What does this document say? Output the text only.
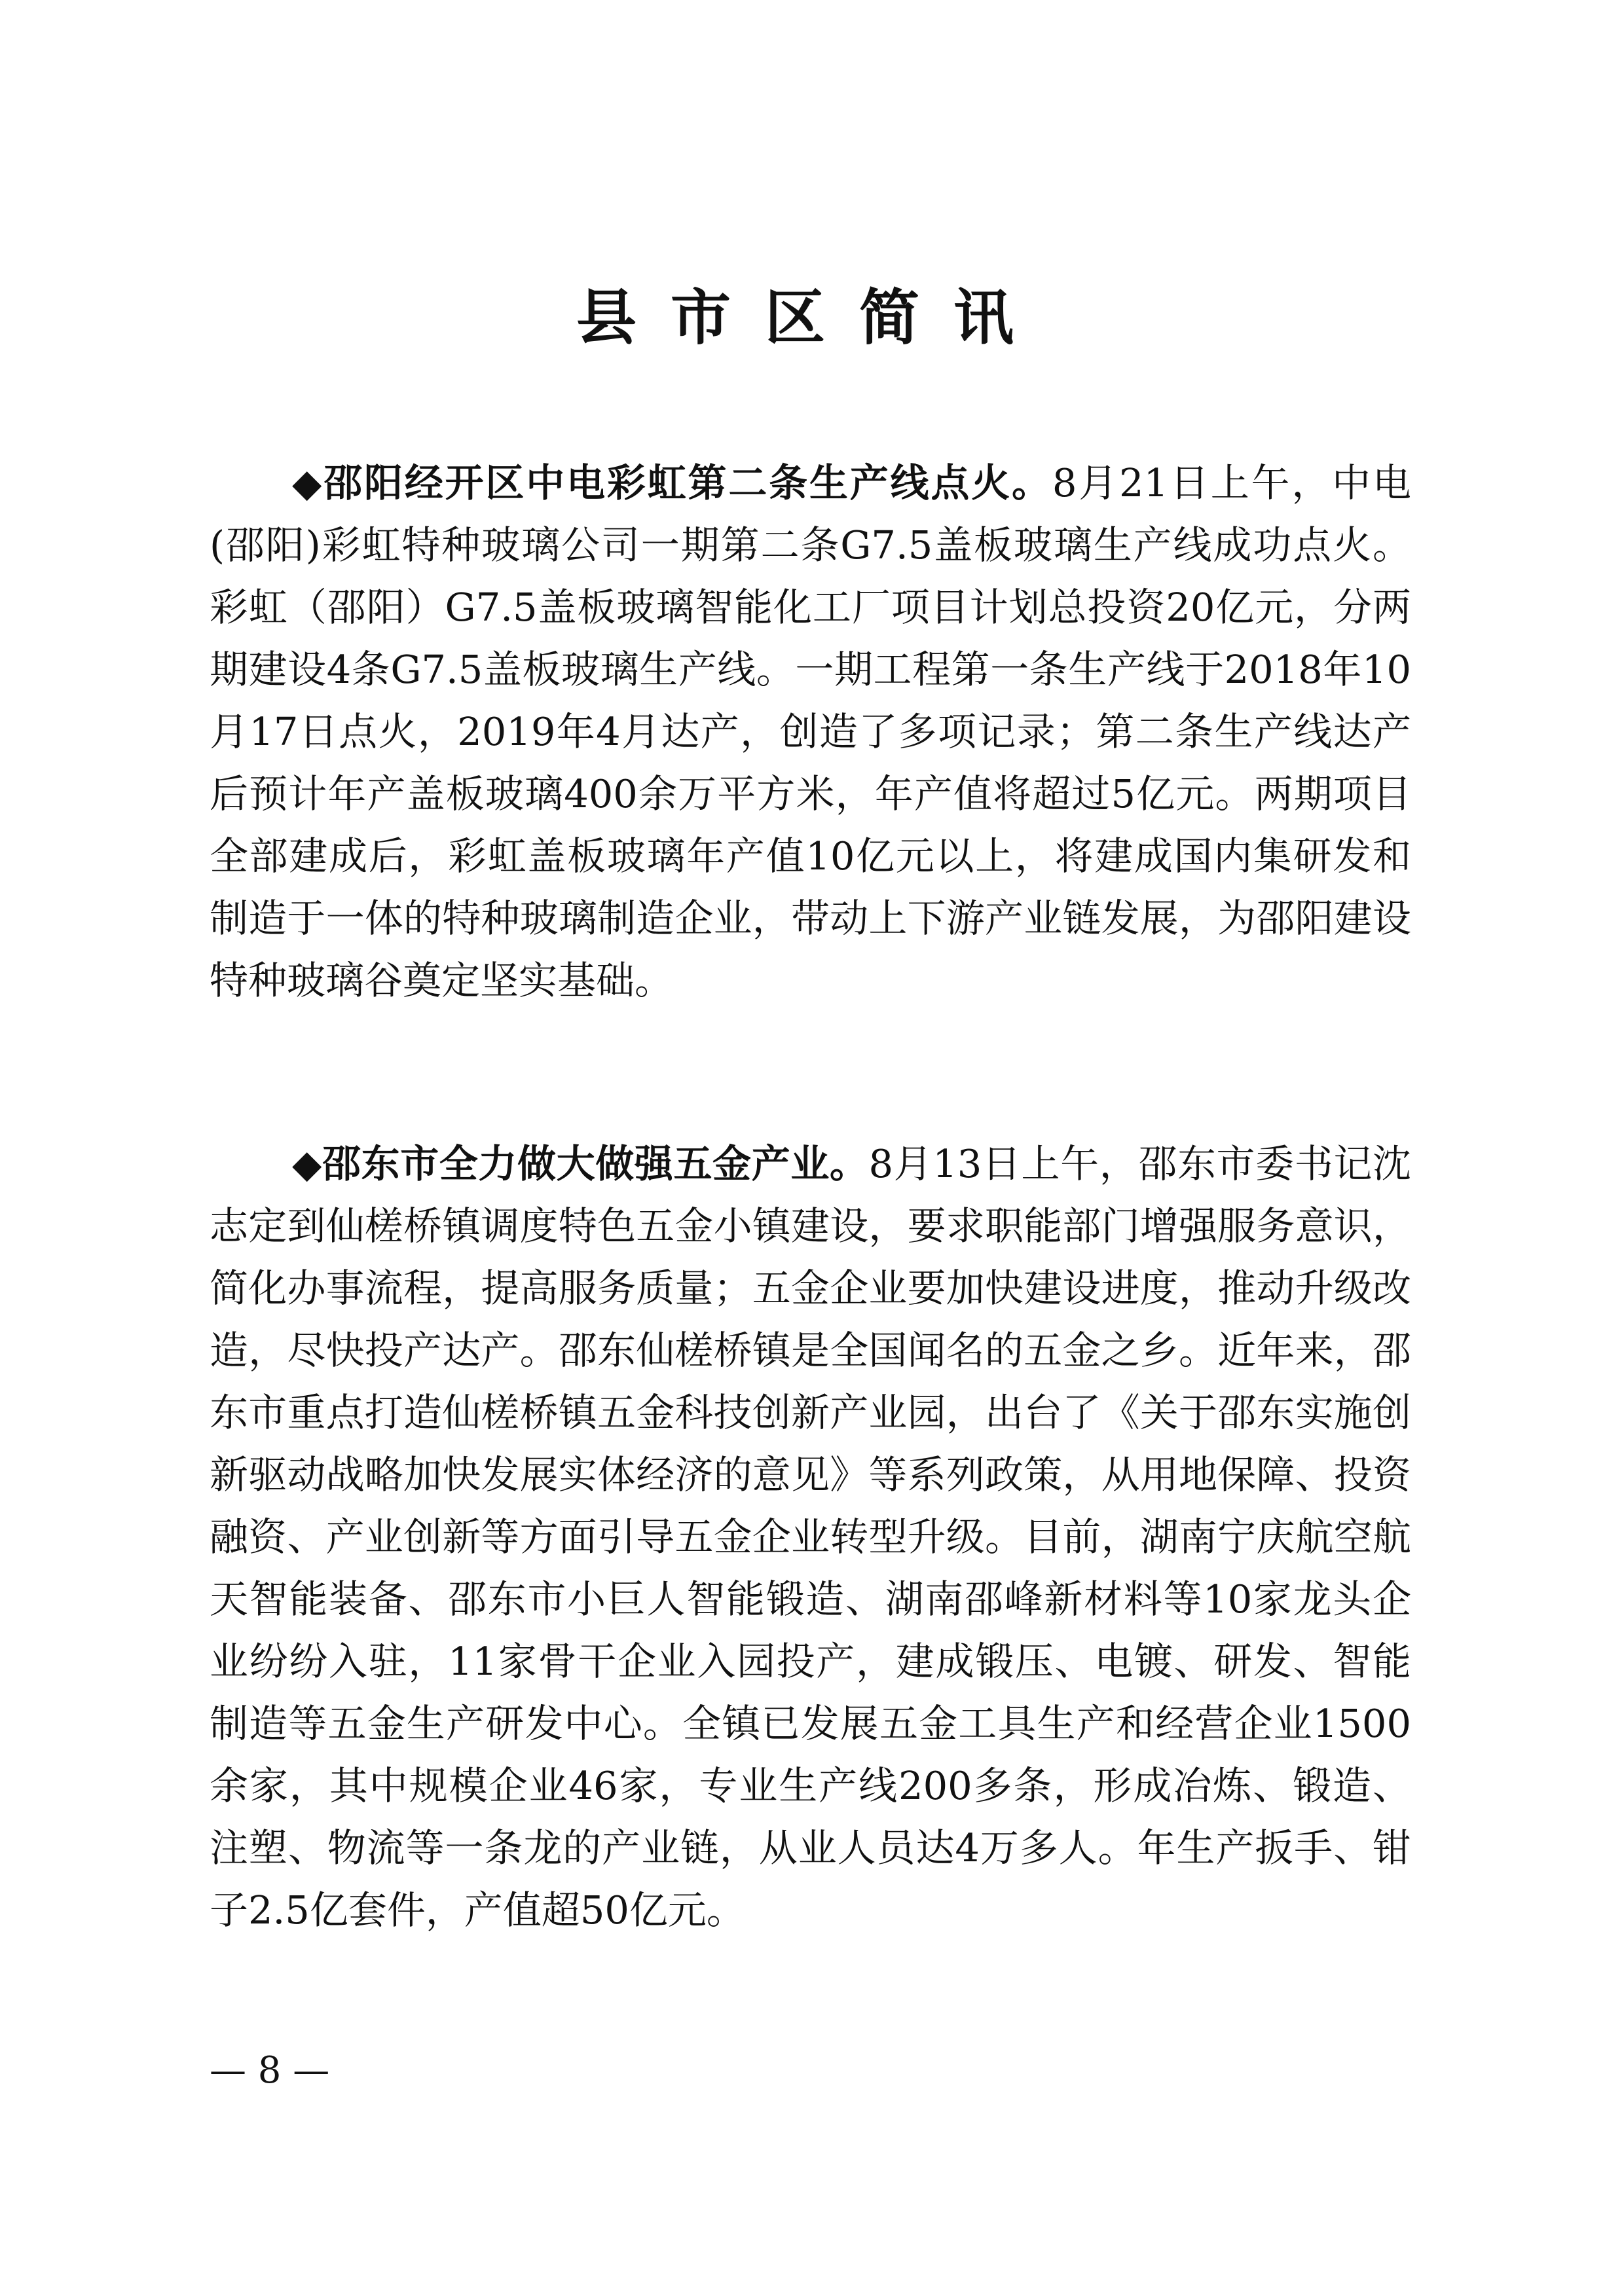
县市区简讯
◆邵阳经开区中电彩虹第二条生产线点火。8月21日上午，中电(邵阳)彩虹特种玻璃公司一期第二条G7.5盖板玻璃生产线成功点火。彩虹（邵阳）G7.5盖板玻璃智能化工厂项目计划总投资20亿元，分两期建设4条G7.5盖板玻璃生产线。一期工程第一条生产线于2018年10月17日点火，2019年4月达产，创造了多项记录；第二条生产线达产后预计年产盖板玻璃400余万平方米，年产值将超过5亿元。两期项目全部建成后，彩虹盖板玻璃年产值10亿元以上，将建成国内集研发和制造于一体的特种玻璃制造企业，带动上下游产业链发展，为邵阳建设特种玻璃谷奠定坚实基础。
◆邵东市全力做大做强五金产业。8月13日上午，邵东市委书记沈志定到仙槎桥镇调度特色五金小镇建设，要求职能部门增强服务意识，简化办事流程，提高服务质量；五金企业要加快建设进度，推动升级改造，尽快投产达产。邵东仙槎桥镇是全国闻名的五金之乡。近年来，邵东市重点打造仙槎桥镇五金科技创新产业园，出台了《关于邵东实施创新驱动战略加快发展实体经济的意见》等系列政策，从用地保障、投资融资、产业创新等方面引导五金企业转型升级。目前，湖南宁庆航空航天智能装备、邵东市小巨人智能锻造、湖南邵峰新材料等10家龙头企业纷纷入驻，11家骨干企业入园投产，建成锻压、电镀、研发、智能制造等五金生产研发中心。全镇已发展五金工具生产和经营企业1500余家，其中规模企业46家，专业生产线200多条，形成冶炼、锻造、注塑、物流等一条龙的产业链，从业人员达4万多人。年生产扳手、钳子2.5亿套件，产值超50亿元。
— 8 —
